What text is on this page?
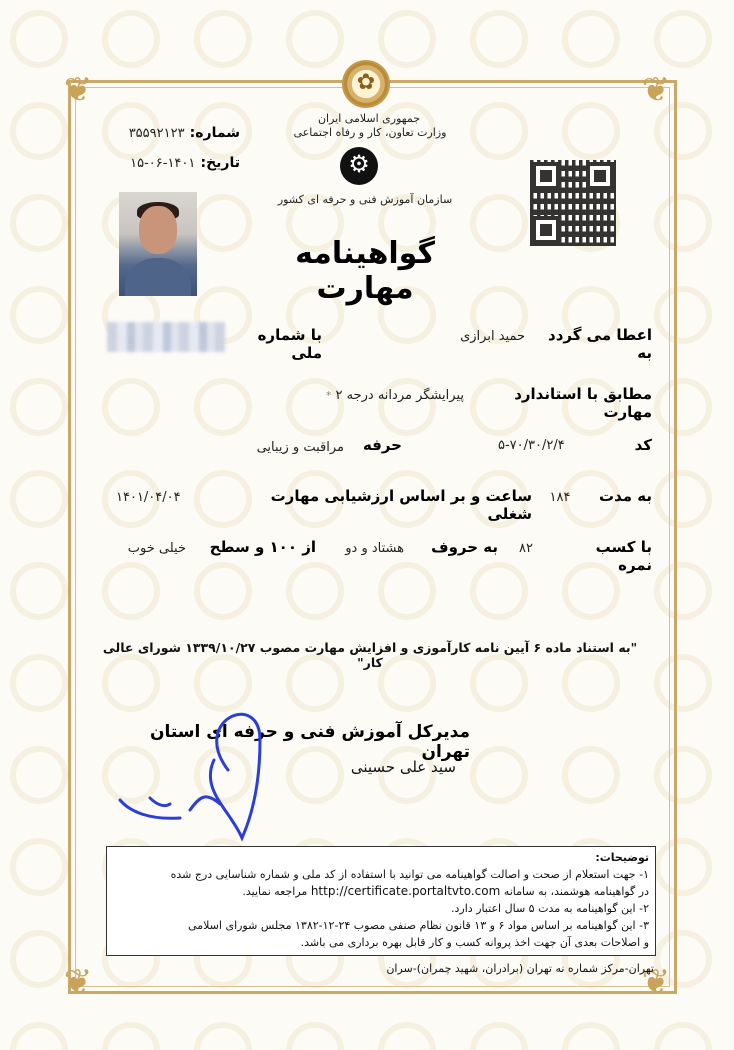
❦	❦
❦	❦
✿
جمهوری اسلامی ایران
وزارت تعاون، کار و رفاه اجتماعی
⚙
سازمان آموزش فنی و حرفه ای کشور
شماره: ۳۵۵۹۲۱۲۳
تاریخ: ۱۴۰۱-۰۶-۱۵
گواهینامه مهارت
اعطا می گردد به
حمید ابرازی
با شماره ملی
مطابق با استاندارد مهارت
پیرایشگر مردانه درجه ۲ *
کد
۵-۷۰/۳۰/۲/۴
حرفه
مراقبت و زیبایی
به مدت
۱۸۴
ساعت و بر اساس ارزشیابی مهارت شغلی
۱۴۰۱/۰۴/۰۴
با کسب نمره
۸۲
به حروف
هشتاد و دو
از ۱۰۰ و سطح
خیلی خوب
"به استناد ماده ۶ آیین نامه کارآموزی و افزایش مهارت مصوب ۱۳۳۹/۱۰/۲۷ شورای عالی کار"
مدیرکل آموزش فنی و حرفه ای استان تهران
سید علی حسینی
توضیحات:
۱- جهت استعلام از صحت و اصالت گواهینامه می توانید با استفاده از کد ملی و شماره شناسایی درج شده
در گواهینامه هوشمند، به سامانه http://certificate.portaltvto.com مراجعه نمایید.
۲- این گواهینامه به مدت ۵ سال اعتبار دارد.
۳- این گواهینامه بر اساس مواد ۶ و ۱۳ قانون نظام صنفی مصوب ۲۴-۱۲-۱۳۸۲ مجلس شورای اسلامی
و اصلاحات بعدی آن جهت اخذ پروانه کسب و کار قابل بهره برداری می باشد.
تهران-مرکز شماره نه تهران (برادران، شهید چمران)-سران
